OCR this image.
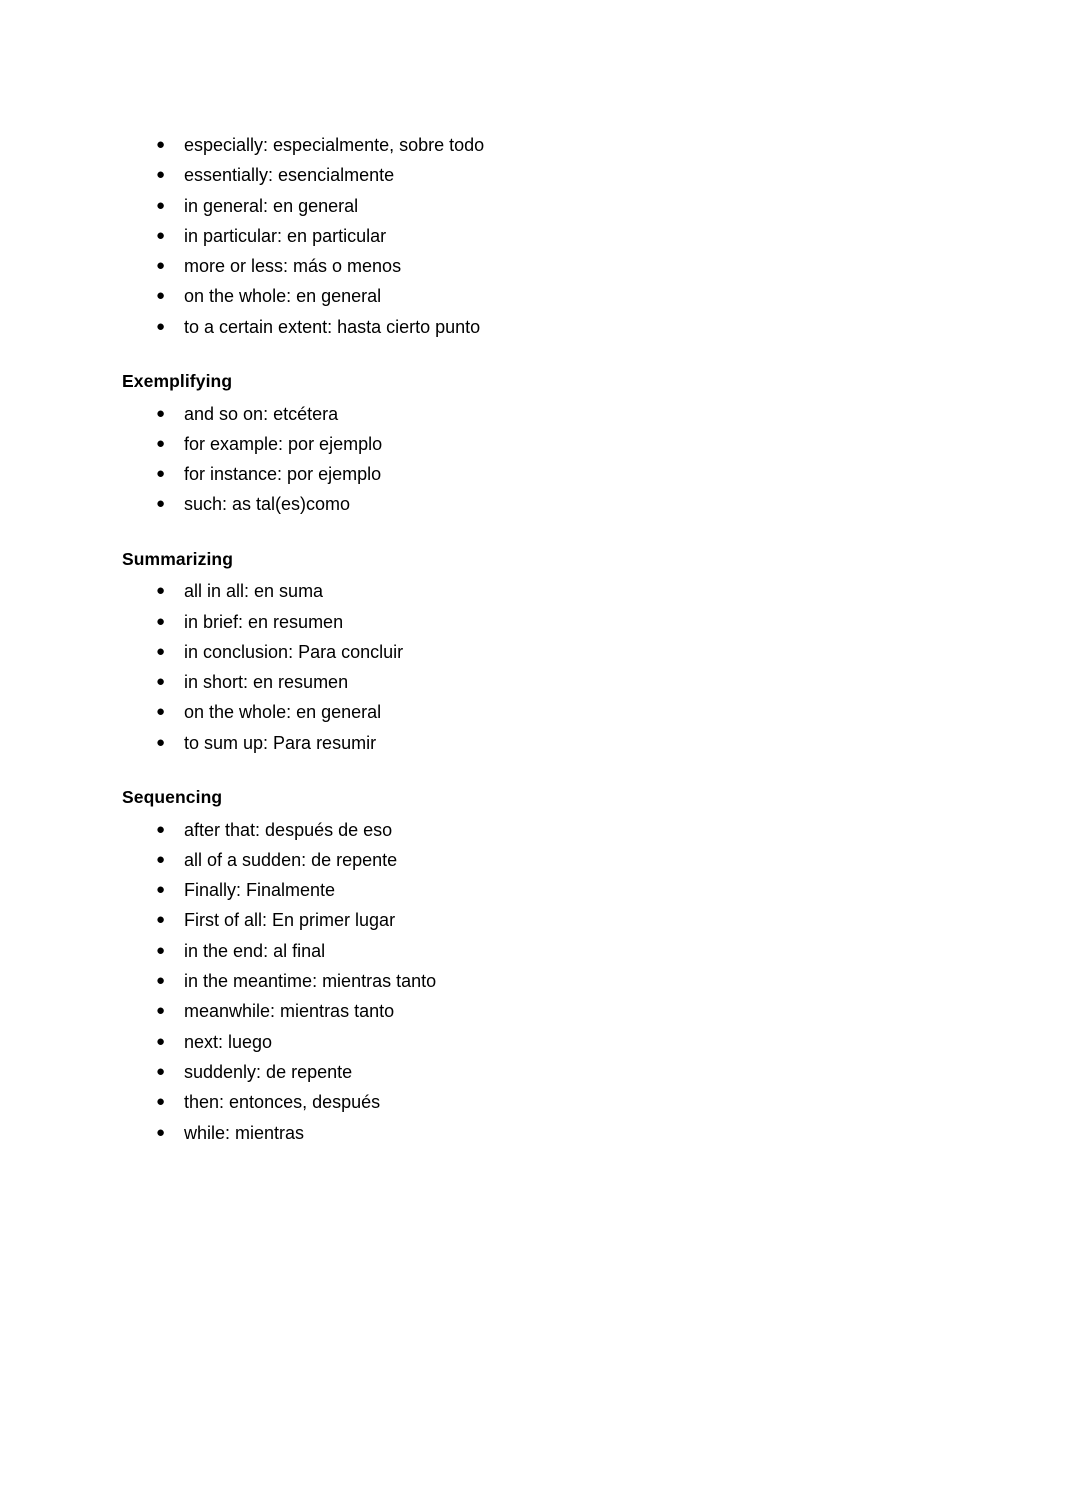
● especially: especialmente, sobre todo
● essentially: esencialmente
● in general: en general
● in particular: en particular
● more or less: más o menos
● on the whole: en general
● to a certain extent: hasta cierto punto
Exemplifying
● and so on: etcétera
● for example: por ejemplo
● for instance: por ejemplo
● such: as tal(es)como
Summarizing
● all in all: en suma
● in brief: en resumen
● in conclusion: Para concluir
● in short: en resumen
● on the whole: en general
● to sum up: Para resumir
Sequencing
● after that: después de eso
● all of a sudden: de repente
● Finally: Finalmente
● First of all: En primer lugar
● in the end: al final
● in the meantime: mientras tanto
● meanwhile: mientras tanto
● next: luego
● suddenly: de repente
● then: entonces, después
● while: mientras
